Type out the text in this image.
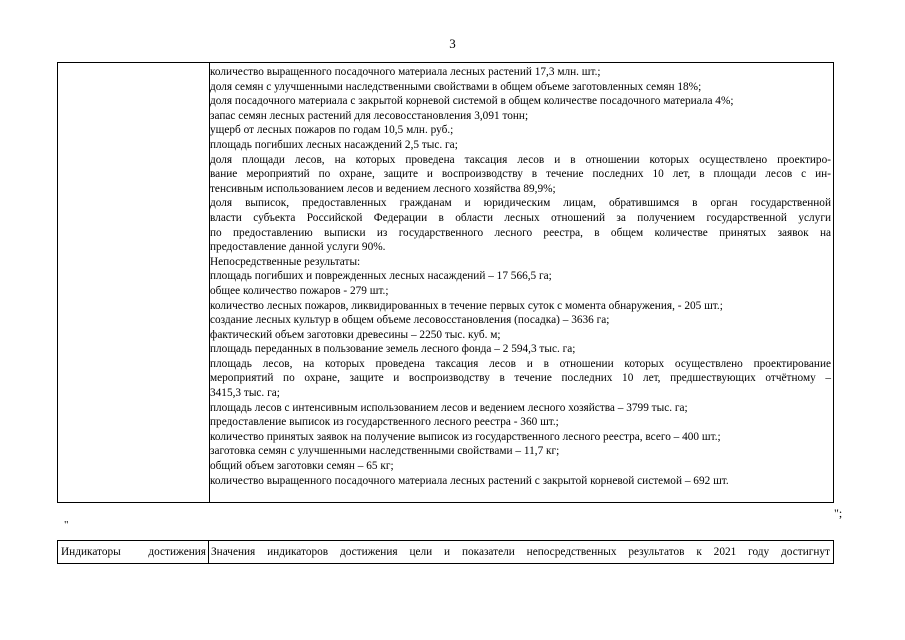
3
количество выращенного посадочного материала лесных растений 17,3 млн. шт.;
доля семян с улучшенными наследственными свойствами в общем объеме заготовленных семян 18%;
доля посадочного материала с закрытой корневой системой в общем количестве посадочного материала 4%;
запас семян лесных растений для лесовосстановления 3,091 тонн;
ущерб от лесных пожаров по годам 10,5 млн. руб.;
площадь погибших лесных насаждений 2,5 тыс. га;
доля площади лесов, на которых проведена таксация лесов и в отношении которых осуществлено проектиро-
вание мероприятий по охране, защите и воспроизводству в течение последних 10 лет, в площади лесов с ин-
тенсивным использованием лесов и ведением лесного хозяйства 89,9%;
доля выписок, предоставленных гражданам и юридическим лицам, обратившимся в орган государственной
власти субъекта Российской Федерации в области лесных отношений за получением государственной услуги
по предоставлению выписки из государственного лесного реестра, в общем количестве принятых заявок на
предоставление данной услуги 90%.
Непосредственные результаты:
площадь погибших и поврежденных лесных насаждений – 17 566,5 га;
общее количество пожаров - 279 шт.;
количество лесных пожаров, ликвидированных в течение первых суток с момента обнаружения, - 205 шт.;
создание лесных культур в общем объеме лесовосстановления (посадка) – 3636 га;
фактический объем заготовки древесины – 2250 тыс. куб. м;
площадь переданных в пользование земель лесного фонда – 2 594,3 тыс. га;
площадь лесов, на которых проведена таксация лесов и в отношении которых осуществлено проектирование
мероприятий по охране, защите и воспроизводству в течение последних 10 лет, предшествующих отчётному –
3415,3 тыс. га;
площадь лесов с интенсивным использованием лесов и ведением лесного хозяйства – 3799 тыс. га;
предоставление выписок из государственного лесного реестра - 360 шт.;
количество принятых заявок на получение выписок из государственного лесного реестра, всего – 400 шт.;
заготовка семян с улучшенными наследственными свойствами – 11,7 кг;
общий объем заготовки семян – 65 кг;
количество выращенного посадочного материала лесных растений с закрытой корневой системой – 692 шт.
";
"
Индикаторы достижения Значения индикаторов достижения цели и показатели непосредственных результатов к 2021 году достигнут
